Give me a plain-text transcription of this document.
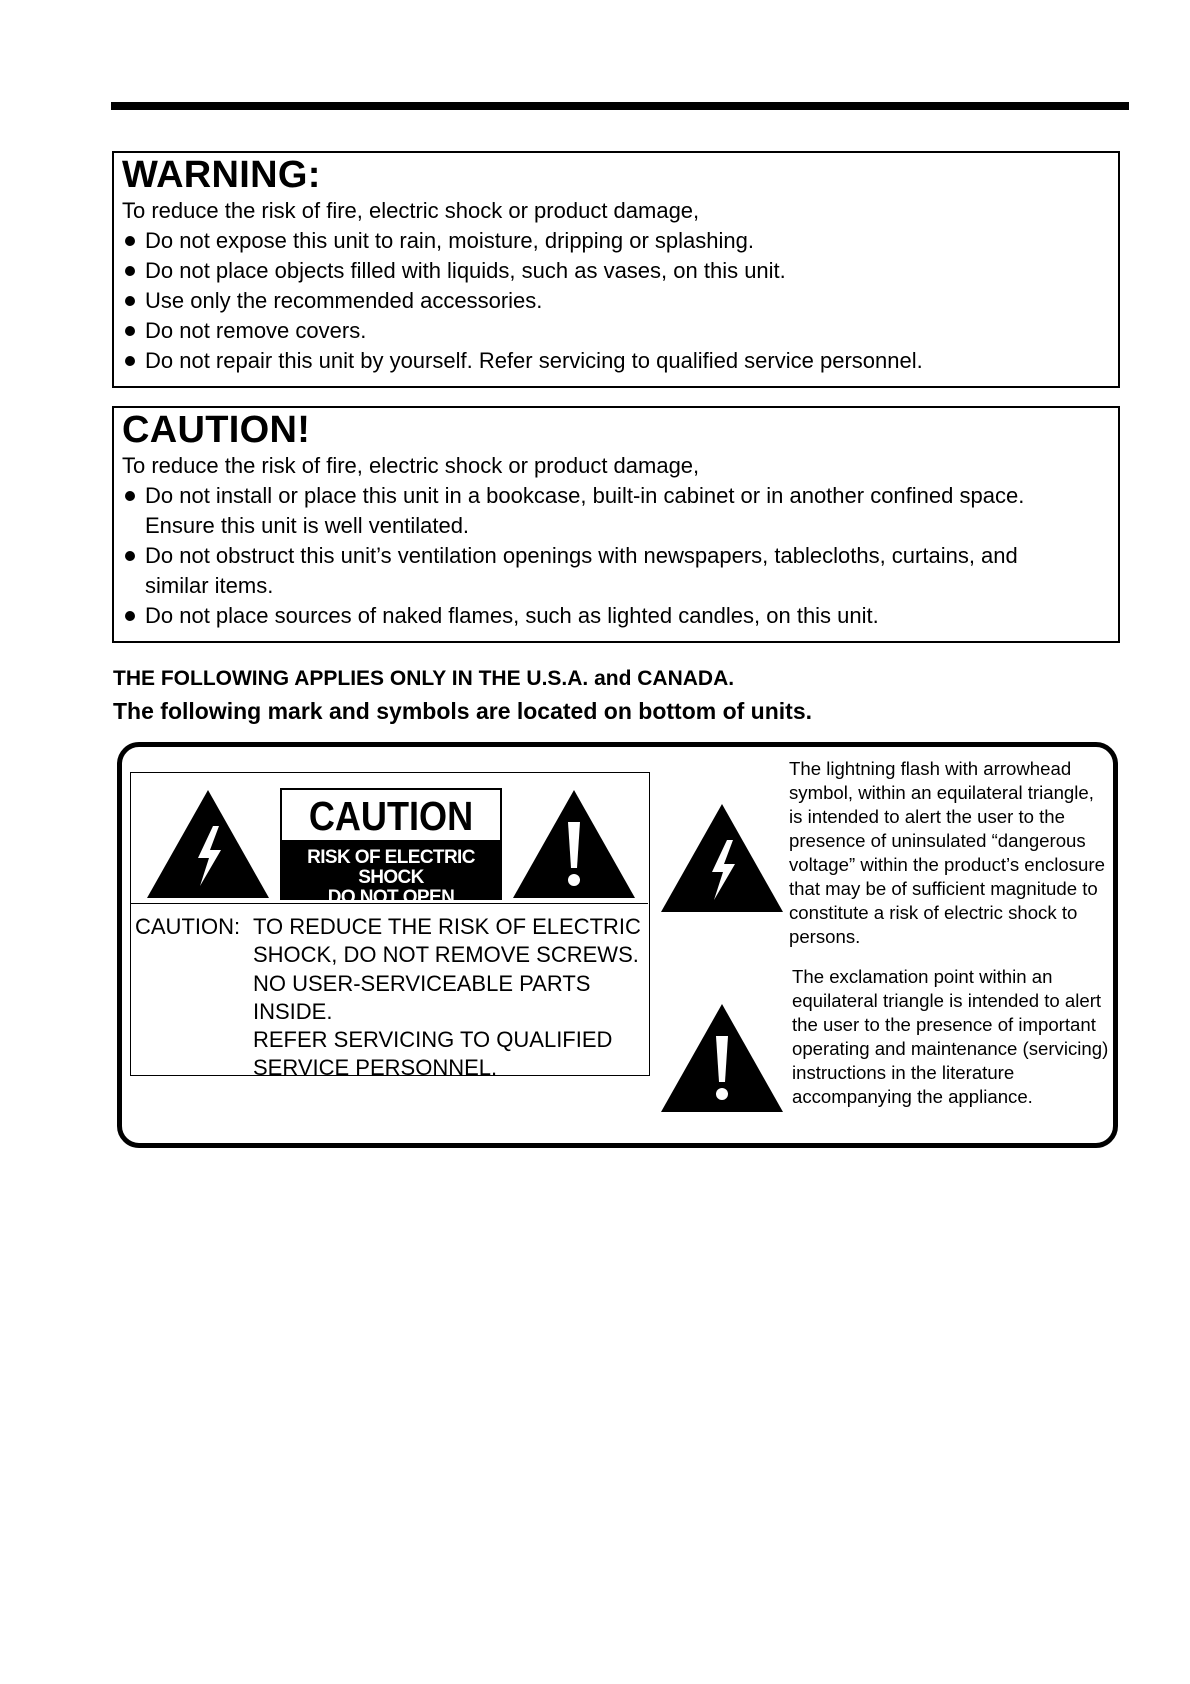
WARNING:
To reduce the risk of fire, electric shock or product damage,
Do not expose this unit to rain, moisture, dripping or splashing.
Do not place objects filled with liquids, such as vases, on this unit.
Use only the recommended accessories.
Do not remove covers.
Do not repair this unit by yourself. Refer servicing to qualified service personnel.
CAUTION!
To reduce the risk of fire, electric shock or product damage,
Do not install or place this unit in a bookcase, built-in cabinet or in another confined space. Ensure this unit is well ventilated.
Do not obstruct this unit’s ventilation openings with newspapers, tablecloths, curtains, and similar items.
Do not place sources of naked flames, such as lighted candles, on this unit.
THE FOLLOWING APPLIES ONLY IN THE U.S.A. and CANADA.
The following mark and symbols are located on bottom of units.
CAUTION
RISK OF ELECTRIC SHOCK
DO NOT OPEN
CAUTION: TO REDUCE THE RISK OF ELECTRIC
SHOCK, DO NOT REMOVE SCREWS.
NO USER-SERVICEABLE PARTS
INSIDE.
REFER SERVICING TO QUALIFIED
SERVICE PERSONNEL.
The lightning flash with arrowhead symbol, within an equilateral triangle, is intended to alert the user to the presence of uninsulated “dangerous voltage” within the product’s enclosure that may be of sufficient magnitude to constitute a risk of electric shock to persons.
The exclamation point within an equilateral triangle is intended to alert the user to the presence of important operating and maintenance (servicing) instructions in the literature accompanying the appliance.
